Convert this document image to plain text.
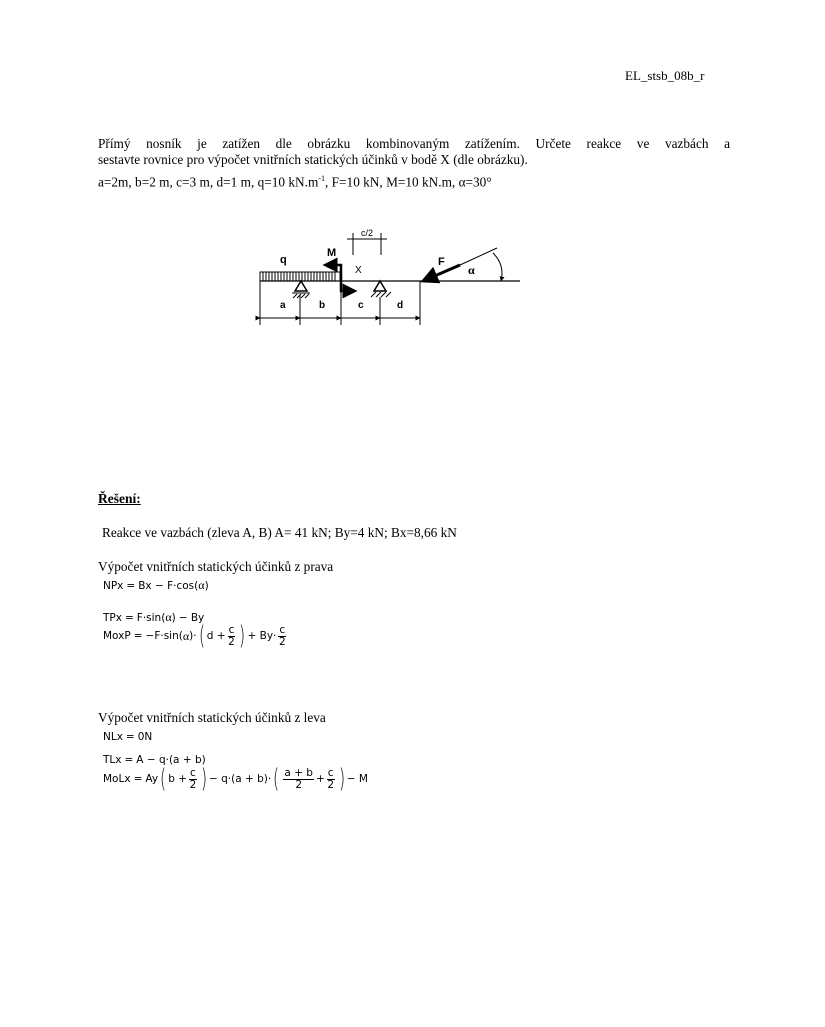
EL_stsb_08b_r

Přímý nosník je zatížen dle obrázku kombinovaným zatížením. Určete reakce ve vazbách a

sestavte rovnice pro výpočet vnitřních statických účinků v bodě X (dle obrázku).

a=2m, b=2 m, c=3 m, d=1 m, q=10 $kN.m^{-1}$, F=10 kN, M=10 kN.m, α=30°
q
M
c/2
X
F
α
a	b	c	d
Řešení:
Reakce ve vazbách (zleva A, B) A= 41 kN; By=4 kN; Bx=8,66 kN
Výpočet vnitřních statických účinků z prava
NPx = Bx − F·cos ( α )
TPx = F·sin ( α ) − By
MoxP = −F·sin ( α )· ( $d + \frac{c}{2}$ ) + $By\cdot \frac{c}{2}$
Výpočet vnitřních statických účinků z leva
NLx = 0N
TLx = A − q·(a + b)
MoLx = Ay ( $b + \frac{c}{2}$ ) − q·(a + b)· ( $\frac{a + b}{2} + \frac{c}{2}$ ) − M
